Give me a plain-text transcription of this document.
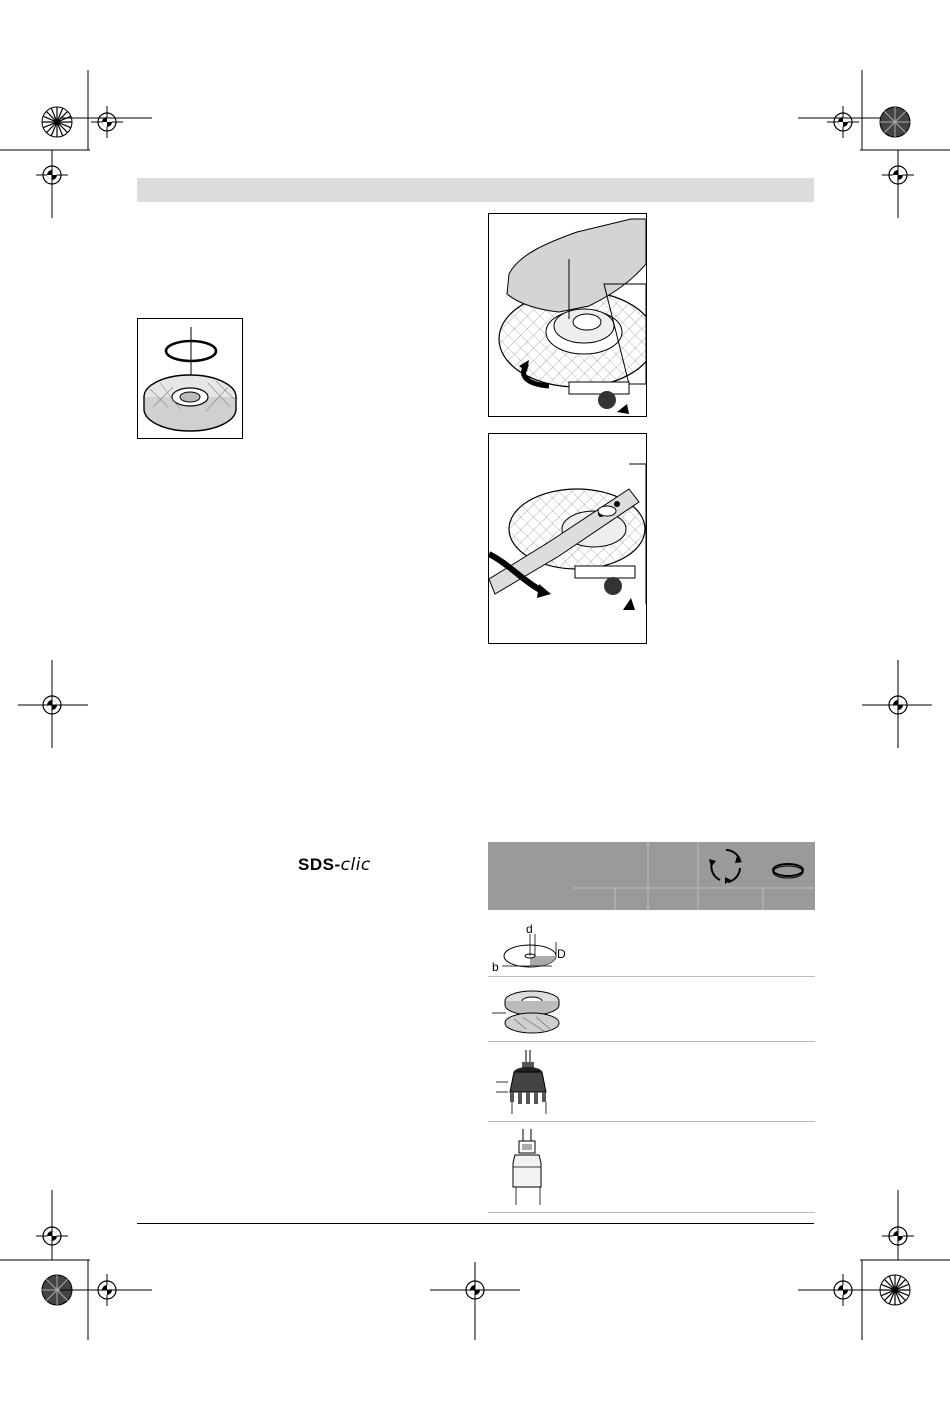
SDS-clic
d
D
b
